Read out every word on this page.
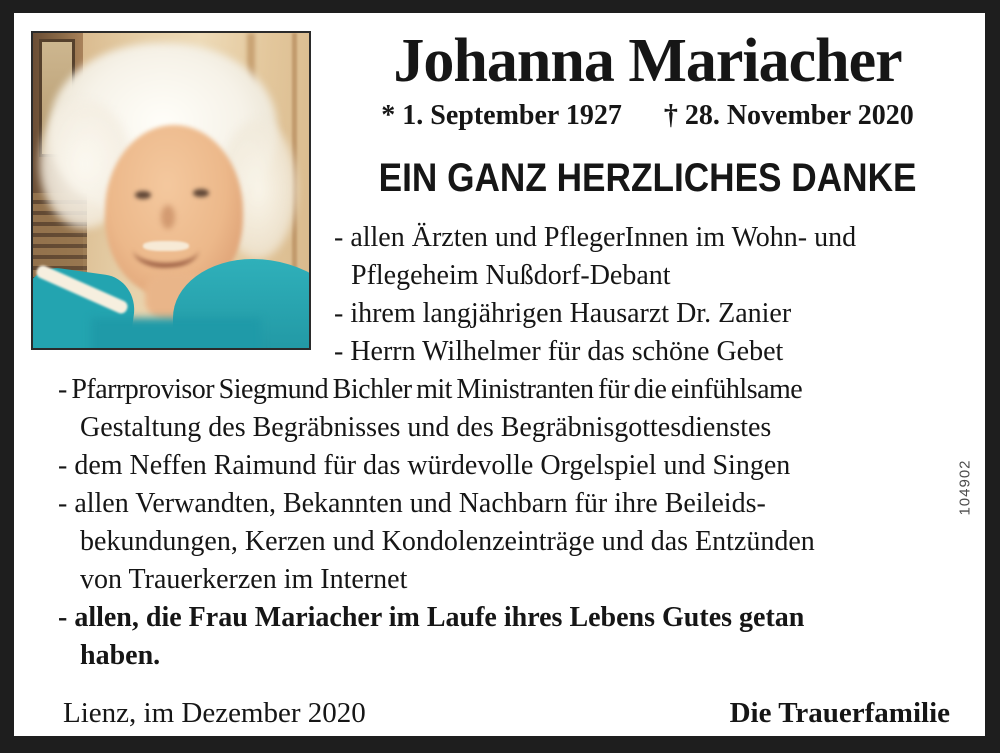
Johanna Mariacher
* 1. September 1927 † 28. November 2020
EIN GANZ HERZLICHES DANKE
- allen Ärzten und PflegerInnen im Wohn- und
Pflegeheim Nußdorf-Debant
- ihrem langjährigen Hausarzt Dr. Zanier
- Herrn Wilhelmer für das schöne Gebet
- Pfarrprovisor Siegmund Bichler mit Ministranten für die einfühlsame
Gestaltung des Begräbnisses und des Begräbnisgottesdienstes
- dem Neffen Raimund für das würdevolle Orgelspiel und Singen
- allen Verwandten, Bekannten und Nachbarn für ihre Beileids-
bekundungen, Kerzen und Kondolenzeinträge und das Entzünden
von Trauerkerzen im Internet
- allen, die Frau Mariacher im Laufe ihres Lebens Gutes getan
haben.
Lienz, im Dezember 2020	Die Trauerfamilie
104902
